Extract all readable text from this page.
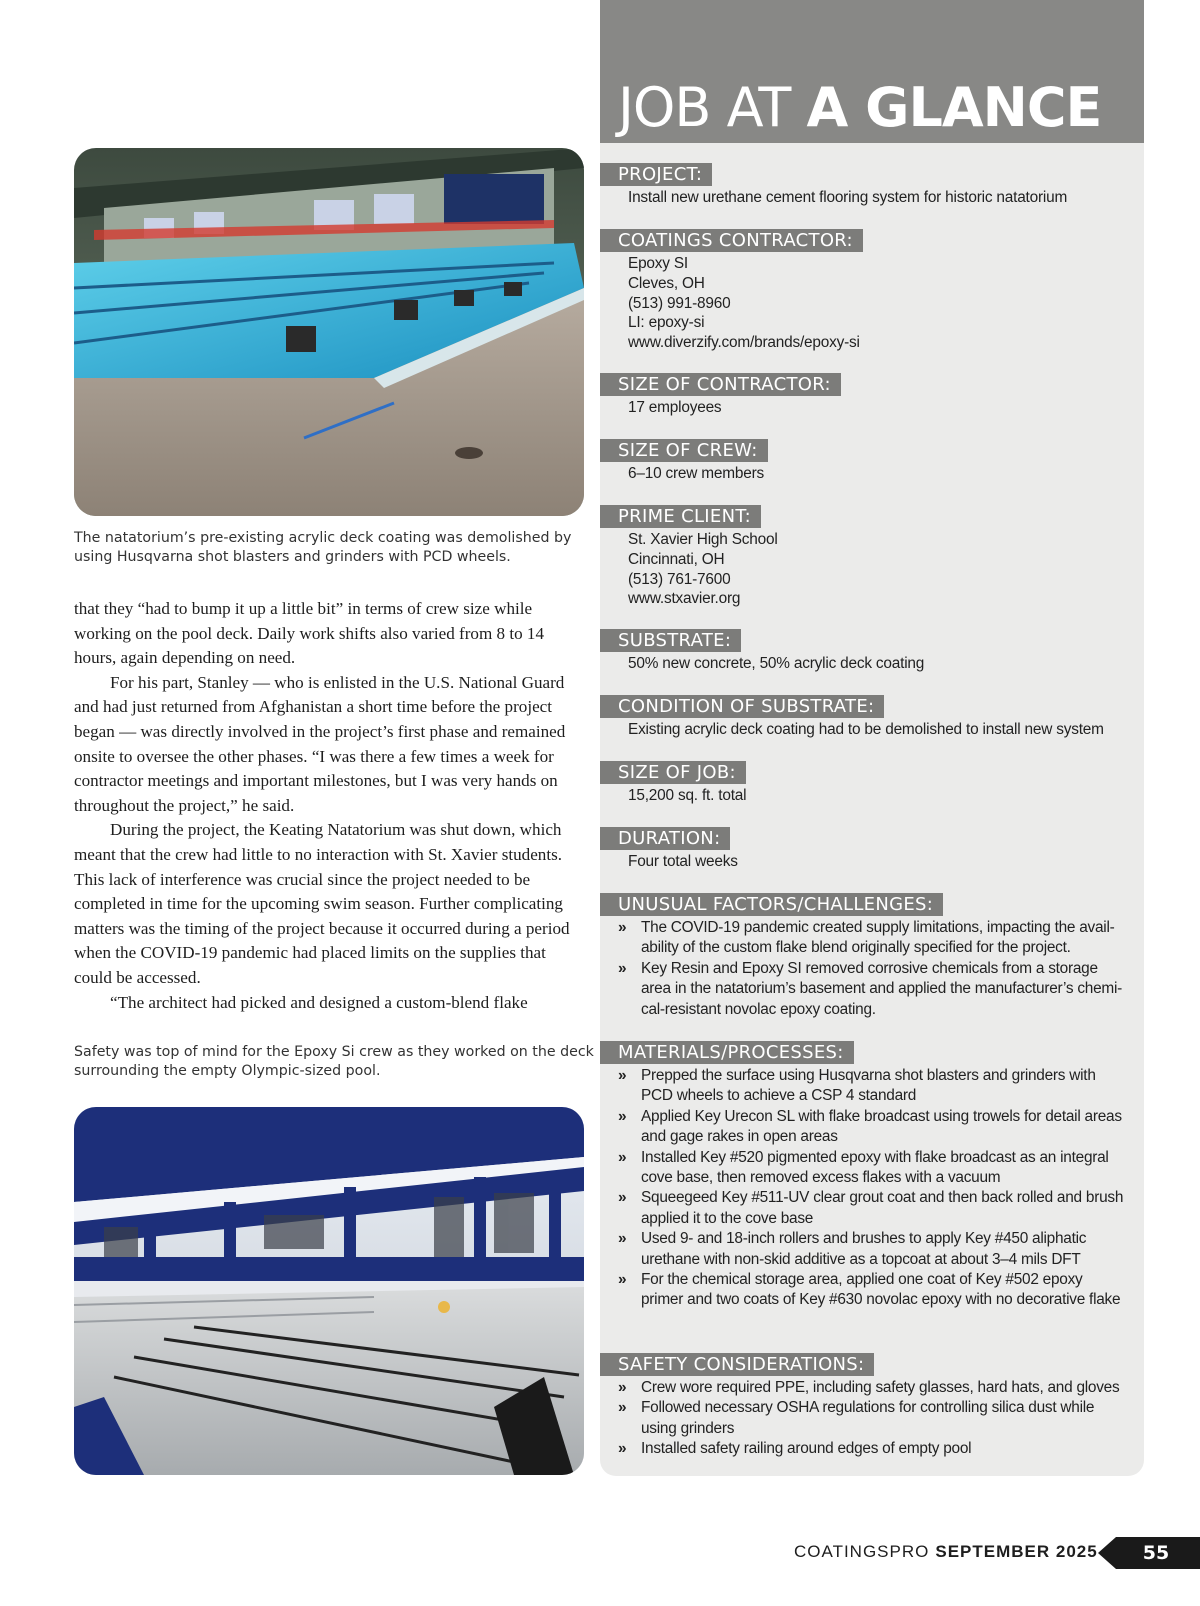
The natatorium’s pre-existing acrylic deck coating was demolished by using Husqvarna shot blasters and grinders with PCD wheels.

that they “had to bump it up a little bit” in terms of crew size while working on the pool deck. Daily work shifts also varied from 8 to 14 hours, again depending on need.

For his part, Stanley — who is enlisted in the U.S. National Guard and had just returned from Afghanistan a short time before the project began — was directly involved in the project’s first phase and remained onsite to oversee the other phases. “I was there a few times a week for contractor meetings and important milestones, but I was very hands on throughout the project,” he said.

During the project, the Keating Natatorium was shut down, which meant that the crew had little to no interaction with St. Xavier students. This lack of interference was crucial since the project needed to be completed in time for the upcoming swim season. Further complicating matters was the timing of the project because it occurred during a period when the COVID-19 pandemic had placed limits on the supplies that could be accessed.

“The architect had picked and designed a custom-blend flake

Safety was top of mind for the Epoxy Si crew as they worked on the deck surrounding the empty Olympic-sized pool.
JOB AT A GLANCE
PROJECT:
Install new urethane cement flooring system for historic natatorium
COATINGS CONTRACTOR:
Epoxy SI
Cleves, OH
(513) 991-8960
LI: epoxy-si
www.diverzify.com/brands/epoxy-si
SIZE OF CONTRACTOR:
17 employees
SIZE OF CREW:
6–10 crew members
PRIME CLIENT:
St. Xavier High School
Cincinnati, OH
(513) 761-7600
www.stxavier.org
SUBSTRATE:
50% new concrete, 50% acrylic deck coating
CONDITION OF SUBSTRATE:
Existing acrylic deck coating had to be demolished to install new system
SIZE OF JOB:
15,200 sq. ft. total
DURATION:
Four total weeks
UNUSUAL FACTORS/CHALLENGES:
» The COVID-19 pandemic created supply limitations, impacting the avail-ability of the custom flake blend originally specified for the project.
» Key Resin and Epoxy SI removed corrosive chemicals from a storage area in the natatorium’s basement and applied the manufacturer’s chemi-cal-resistant novolac epoxy coating.
MATERIALS/PROCESSES:
» Prepped the surface using Husqvarna shot blasters and grinders with PCD wheels to achieve a CSP 4 standard
» Applied Key Urecon SL with flake broadcast using trowels for detail areas and gage rakes in open areas
» Installed Key #520 pigmented epoxy with flake broadcast as an integral cove base, then removed excess flakes with a vacuum
» Squeegeed Key #511-UV clear grout coat and then back rolled and brush applied it to the cove base
» Used 9- and 18-inch rollers and brushes to apply Key #450 aliphatic urethane with non-skid additive as a topcoat at about 3–4 mils DFT
» For the chemical storage area, applied one coat of Key #502 epoxy primer and two coats of Key #630 novolac epoxy with no decorative flake
SAFETY CONSIDERATIONS:
» Crew wore required PPE, including safety glasses, hard hats, and gloves
» Followed necessary OSHA regulations for controlling silica dust while using grinders
» Installed safety railing around edges of empty pool
COATINGSPRO SEPTEMBER 2025	55
